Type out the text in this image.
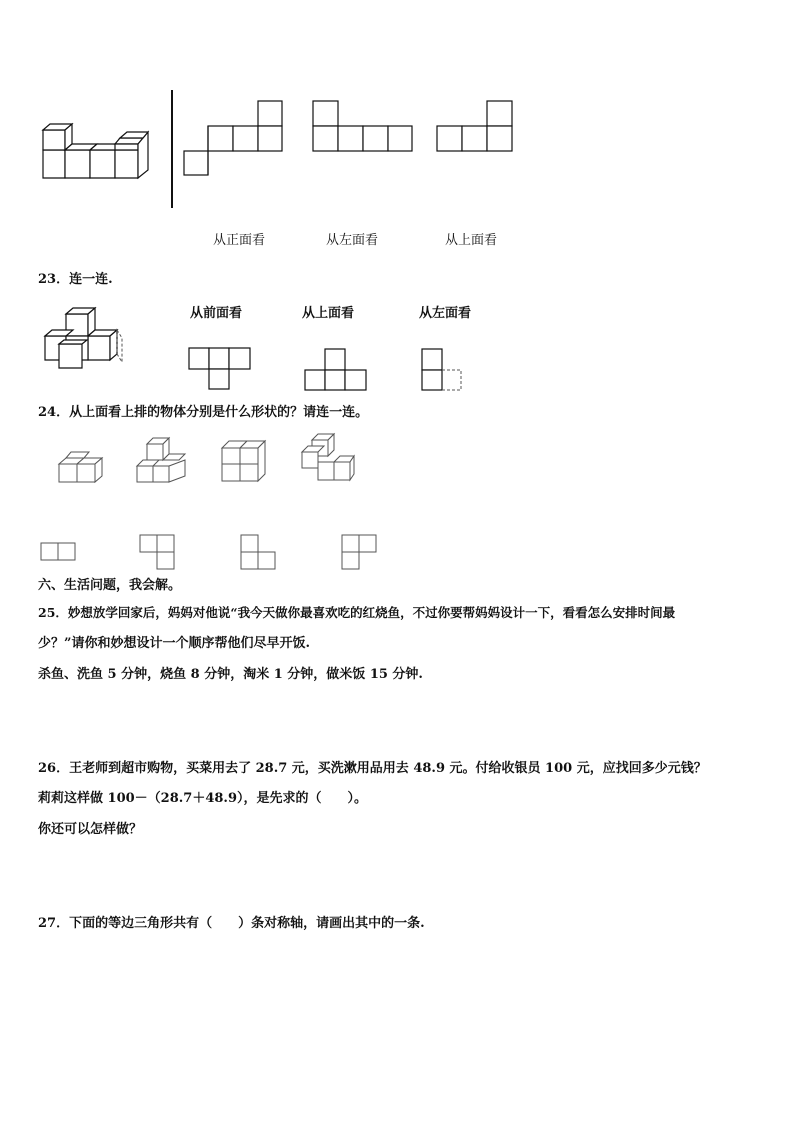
从正面看	从左面看	从上面看
23．连一连.
从前面看	从上面看	从左面看
24．从上面看上排的物体分别是什么形状的？请连一连。
六、生活问题，我会解。
25．妙想放学回家后，妈妈对他说“我今天做你最喜欢吃的红烧鱼，不过你要帮妈妈设计一下，看看怎么安排时间最
少？”请你和妙想设计一个顺序帮他们尽早开饭.
杀鱼、洗鱼 5 分钟，烧鱼 8 分钟，淘米 1 分钟，做米饭 15 分钟.
26．王老师到超市购物，买菜用去了 28.7 元，买洗漱用品用去 48.9 元。付给收银员 100 元，应找回多少元钱？
莉莉这样做 100－（28.7＋48.9），是先求的（　　）。
你还可以怎样做？
27．下面的等边三角形共有（　　）条对称轴，请画出其中的一条.
